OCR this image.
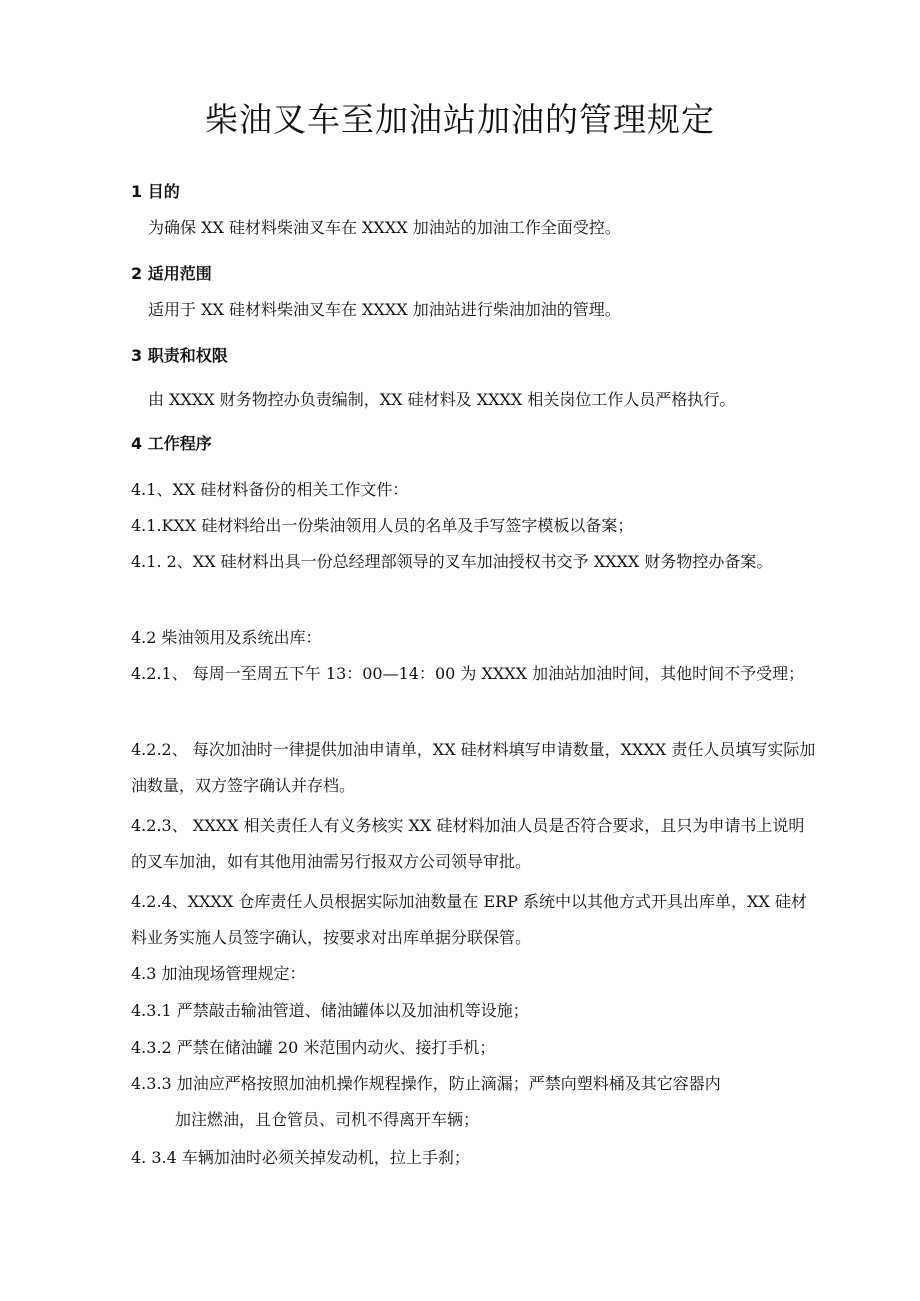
柴油叉车至加油站加油的管理规定
1 目的
为确保 XX 硅材料柴油叉车在 XXXX 加油站的加油工作全面受控。
2 适用范围
适用于 XX 硅材料柴油叉车在 XXXX 加油站进行柴油加油的管理。
3 职责和权限
由 XXXX 财务物控办负责编制，XX 硅材料及 XXXX 相关岗位工作人员严格执行。
4 工作程序
4.1、XX 硅材料备份的相关工作文件：
4.1.KXX 硅材料给出一份柴油领用人员的名单及手写签字模板以备案；
4.1. 2、XX 硅材料出具一份总经理部领导的叉车加油授权书交予 XXXX 财务物控办备案。
4.2 柴油领用及系统出库：
4.2.1、 每周一至周五下午 13：00—14：00 为 XXXX 加油站加油时间，其他时间不予受理；
4.2.2、 每次加油时一律提供加油申请单，XX 硅材料填写申请数量，XXXX 责任人员填写实际加油数量，双方签字确认并存档。
4.2.3、 XXXX 相关责任人有义务核实 XX 硅材料加油人员是否符合要求，且只为申请书上说明的叉车加油，如有其他用油需另行报双方公司领导审批。
4.2.4、XXXX 仓库责任人员根据实际加油数量在 ERP 系统中以其他方式开具出库单，XX 硅材料业务实施人员签字确认，按要求对出库单据分联保管。
4.3 加油现场管理规定：
4.3.1 严禁敲击输油管道、储油罐体以及加油机等设施；
4.3.2 严禁在储油罐 20 米范围内动火、接打手机；
4.3.3 加油应严格按照加油机操作规程操作，防止滴漏；严禁向塑料桶及其它容器内
加注燃油，且仓管员、司机不得离开车辆；
4. 3.4 车辆加油时必须关掉发动机，拉上手刹；
